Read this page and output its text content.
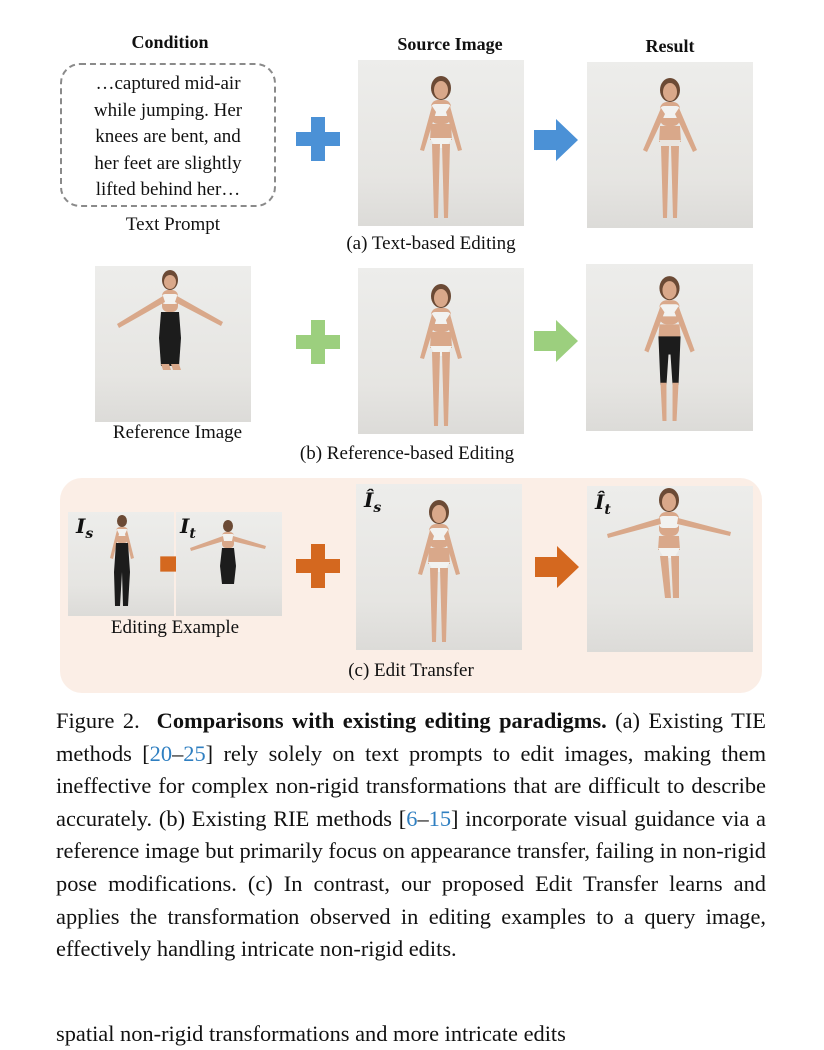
Condition	Source Image	Result
…captured mid-air
while jumping. Her
knees are bent, and
her feet are slightly
lifted behind her…
Text Prompt
(a) Text-based Editing
Reference Image
(b) Reference-based Editing
$I_s$	$I_t$
Editing Example
$Î_s$	$Î_t$
(c) Edit Transfer

Figure 2. Comparisons with existing editing paradigms. (a) Existing TIE methods [20–25] rely solely on text prompts to edit images, making them ineffective for complex non-rigid transformations that are difficult to describe accurately. (b) Existing RIE methods [6–15] incorporate visual guidance via a reference image but primarily focus on appearance transfer, failing in non-rigid pose modifications. (c) In contrast, our proposed Edit Transfer learns and applies the transformation observed in editing examples to a query image, effectively handling intricate non-rigid edits.

spatial non-rigid transformations and more intricate edits
